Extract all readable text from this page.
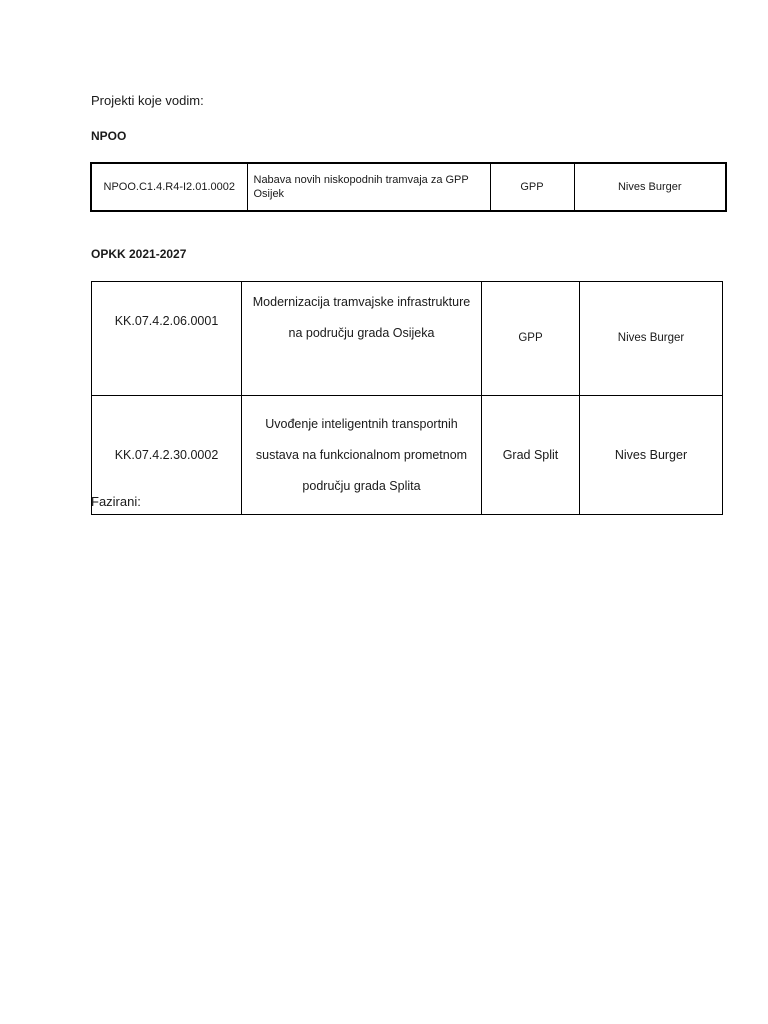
Projekti koje vodim:
NPOO
NPOO.C1.4.R4-I2.01.0002	Nabava novih niskopodnih tramvaja za GPP Osijek	GPP	Nives Burger
OPKK 2021-2027
KK.07.4.2.06.0001	Modernizacija tramvajske infrastrukture
na području grada Osijeka	GPP	Nives Burger
KK.07.4.2.30.0002	Uvođenje inteligentnih transportnih
sustava na funkcionalnom prometnom
području grada Splita	Grad Split	Nives Burger
Fazirani:
